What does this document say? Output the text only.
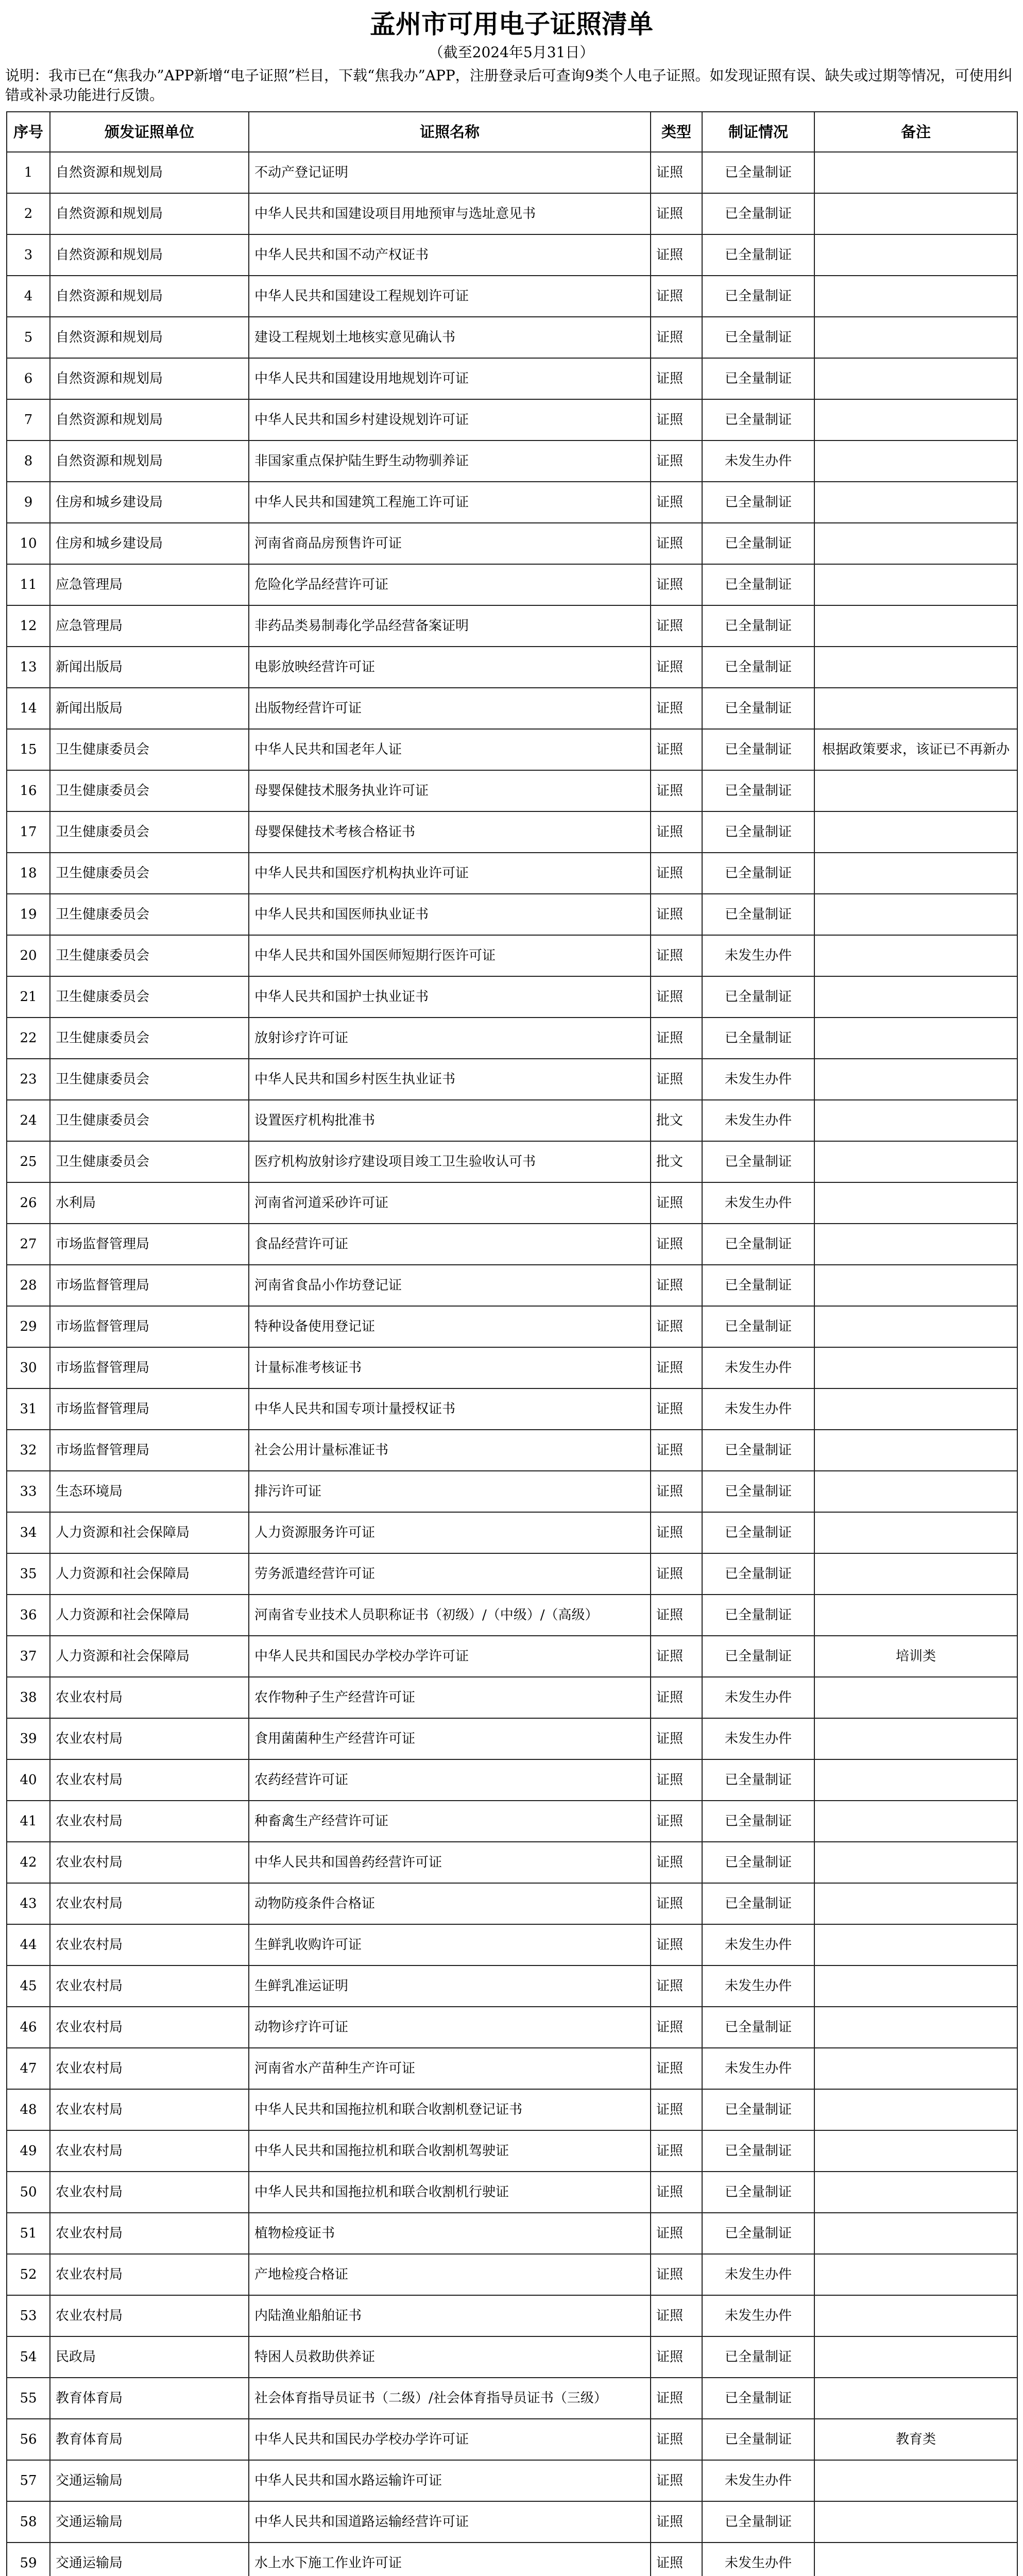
孟州市可用电子证照清单
（截至2024年5月31日）
说明：我市已在“焦我办”APP新增“电子证照”栏目，下载“焦我办”APP，注册登录后可查询9类个人电子证照。如发现证照有误、缺失或过期等情况，可使用纠错或补录功能进行反馈。
序号	颁发证照单位	证照名称	类型	制证情况	备注
1	自然资源和规划局	不动产登记证明	证照	已全量制证	
2	自然资源和规划局	中华人民共和国建设项目用地预审与选址意见书	证照	已全量制证	
3	自然资源和规划局	中华人民共和国不动产权证书	证照	已全量制证	
4	自然资源和规划局	中华人民共和国建设工程规划许可证	证照	已全量制证	
5	自然资源和规划局	建设工程规划土地核实意见确认书	证照	已全量制证	
6	自然资源和规划局	中华人民共和国建设用地规划许可证	证照	已全量制证	
7	自然资源和规划局	中华人民共和国乡村建设规划许可证	证照	已全量制证	
8	自然资源和规划局	非国家重点保护陆生野生动物驯养证	证照	未发生办件	
9	住房和城乡建设局	中华人民共和国建筑工程施工许可证	证照	已全量制证	
10	住房和城乡建设局	河南省商品房预售许可证	证照	已全量制证	
11	应急管理局	危险化学品经营许可证	证照	已全量制证	
12	应急管理局	非药品类易制毒化学品经营备案证明	证照	已全量制证	
13	新闻出版局	电影放映经营许可证	证照	已全量制证	
14	新闻出版局	出版物经营许可证	证照	已全量制证	
15	卫生健康委员会	中华人民共和国老年人证	证照	已全量制证	根据政策要求，该证已不再新办
16	卫生健康委员会	母婴保健技术服务执业许可证	证照	已全量制证	
17	卫生健康委员会	母婴保健技术考核合格证书	证照	已全量制证	
18	卫生健康委员会	中华人民共和国医疗机构执业许可证	证照	已全量制证	
19	卫生健康委员会	中华人民共和国医师执业证书	证照	已全量制证	
20	卫生健康委员会	中华人民共和国外国医师短期行医许可证	证照	未发生办件	
21	卫生健康委员会	中华人民共和国护士执业证书	证照	已全量制证	
22	卫生健康委员会	放射诊疗许可证	证照	已全量制证	
23	卫生健康委员会	中华人民共和国乡村医生执业证书	证照	未发生办件	
24	卫生健康委员会	设置医疗机构批准书	批文	未发生办件	
25	卫生健康委员会	医疗机构放射诊疗建设项目竣工卫生验收认可书	批文	已全量制证	
26	水利局	河南省河道采砂许可证	证照	未发生办件	
27	市场监督管理局	食品经营许可证	证照	已全量制证	
28	市场监督管理局	河南省食品小作坊登记证	证照	已全量制证	
29	市场监督管理局	特种设备使用登记证	证照	已全量制证	
30	市场监督管理局	计量标准考核证书	证照	未发生办件	
31	市场监督管理局	中华人民共和国专项计量授权证书	证照	未发生办件	
32	市场监督管理局	社会公用计量标准证书	证照	已全量制证	
33	生态环境局	排污许可证	证照	已全量制证	
34	人力资源和社会保障局	人力资源服务许可证	证照	已全量制证	
35	人力资源和社会保障局	劳务派遣经营许可证	证照	已全量制证	
36	人力资源和社会保障局	河南省专业技术人员职称证书（初级）/（中级）/（高级）	证照	已全量制证	
37	人力资源和社会保障局	中华人民共和国民办学校办学许可证	证照	已全量制证	培训类
38	农业农村局	农作物种子生产经营许可证	证照	未发生办件	
39	农业农村局	食用菌菌种生产经营许可证	证照	未发生办件	
40	农业农村局	农药经营许可证	证照	已全量制证	
41	农业农村局	种畜禽生产经营许可证	证照	已全量制证	
42	农业农村局	中华人民共和国兽药经营许可证	证照	已全量制证	
43	农业农村局	动物防疫条件合格证	证照	已全量制证	
44	农业农村局	生鲜乳收购许可证	证照	未发生办件	
45	农业农村局	生鲜乳准运证明	证照	未发生办件	
46	农业农村局	动物诊疗许可证	证照	已全量制证	
47	农业农村局	河南省水产苗种生产许可证	证照	未发生办件	
48	农业农村局	中华人民共和国拖拉机和联合收割机登记证书	证照	已全量制证	
49	农业农村局	中华人民共和国拖拉机和联合收割机驾驶证	证照	已全量制证	
50	农业农村局	中华人民共和国拖拉机和联合收割机行驶证	证照	已全量制证	
51	农业农村局	植物检疫证书	证照	已全量制证	
52	农业农村局	产地检疫合格证	证照	未发生办件	
53	农业农村局	内陆渔业船舶证书	证照	未发生办件	
54	民政局	特困人员救助供养证	证照	已全量制证	
55	教育体育局	社会体育指导员证书（二级）/社会体育指导员证书（三级）	证照	已全量制证	
56	教育体育局	中华人民共和国民办学校办学许可证	证照	已全量制证	教育类
57	交通运输局	中华人民共和国水路运输许可证	证照	未发生办件	
58	交通运输局	中华人民共和国道路运输经营许可证	证照	已全量制证	
59	交通运输局	水上水下施工作业许可证	证照	未发生办件	
